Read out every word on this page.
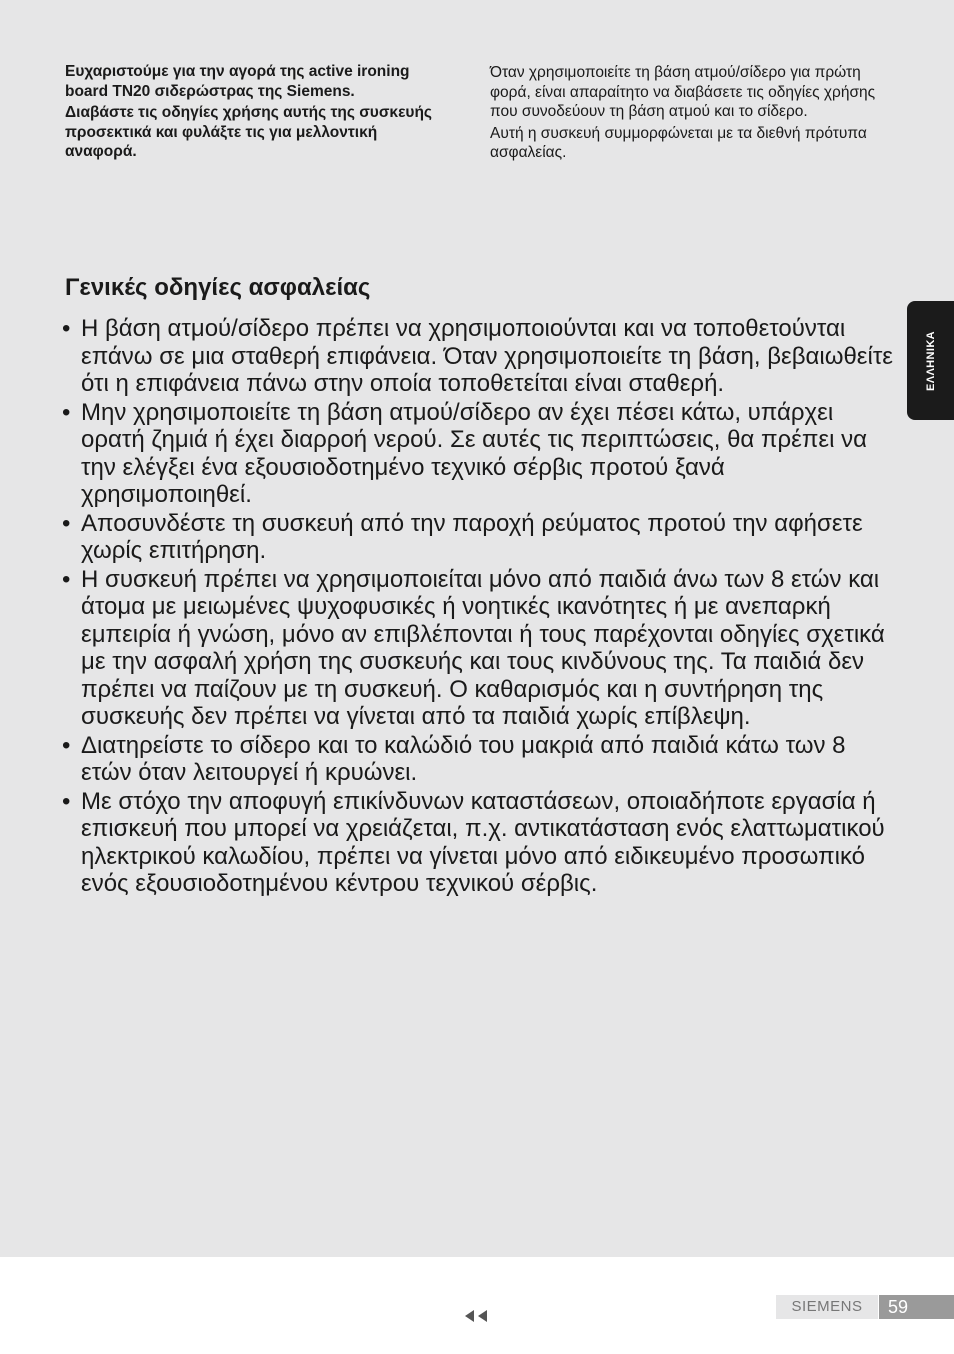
Ευχαριστούμε για την αγορά της active ironing board TN20 σιδερώστρας της Siemens.

Διαβάστε τις οδηγίες χρήσης αυτής της συσκευής προσεκτικά και φυλάξτε τις για μελλοντική αναφορά.

Όταν χρησιμοποιείτε τη βάση ατμού/σίδερο για πρώτη φορά, είναι απαραίτητο να διαβάσετε τις οδηγίες χρήσης που συνοδεύουν τη βάση ατμού και το σίδερο.

Αυτή η συσκευή συμμορφώνεται με τα διεθνή πρότυπα ασφαλείας.

Γενικές οδηγίες ασφαλείας
• Η βάση ατμού/σίδερο πρέπει να χρησιμοποιούνται και να τοποθετούνται επάνω σε μια σταθερή επιφάνεια. Όταν χρησιμοποιείτε τη βάση, βεβαιωθείτε ότι η επιφάνεια πάνω στην οποία τοποθετείται είναι σταθερή.
• Μην χρησιμοποιείτε τη βάση ατμού/σίδερο αν έχει πέσει κάτω, υπάρχει ορατή ζημιά ή έχει διαρροή νερού. Σε αυτές τις περιπτώσεις, θα πρέπει να την ελέγξει ένα εξουσιοδοτημένο τεχνικό σέρβις προτού ξανά χρησιμοποιηθεί.
• Αποσυνδέστε τη συσκευή από την παροχή ρεύματος προτού την αφήσετε χωρίς επιτήρηση.
• Η συσκευή πρέπει να χρησιμοποιείται μόνο από παιδιά άνω των 8 ετών και άτομα με μειωμένες ψυχοφυσικές ή νοητικές ικανότητες ή με ανεπαρκή εμπειρία ή γνώση, μόνο αν επιβλέπονται ή τους παρέχονται οδηγίες σχετικά με την ασφαλή χρήση της συσκευής και τους κινδύνους της. Τα παιδιά δεν πρέπει να παίζουν με τη συσκευή. Ο καθαρισμός και η συντήρηση της συσκευής δεν πρέπει να γίνεται από τα παιδιά χωρίς επίβλεψη.
• Διατηρείστε το σίδερο και το καλώδιό του μακριά από παιδιά κάτω των 8 ετών όταν λειτουργεί ή κρυώνει.
• Με στόχο την αποφυγή επικίνδυνων καταστάσεων, οποιαδήποτε εργασία ή επισκευή που μπορεί να χρειάζεται, π.χ. αντικατάσταση ενός ελαττωματικού ηλεκτρικού καλωδίου, πρέπει να γίνεται μόνο από ειδικευμένο προσωπικό ενός εξουσιοδοτημένου κέντρου τεχνικού σέρβις.
ΕΛΛΗΝΙΚΑ
SIEMENS	59
